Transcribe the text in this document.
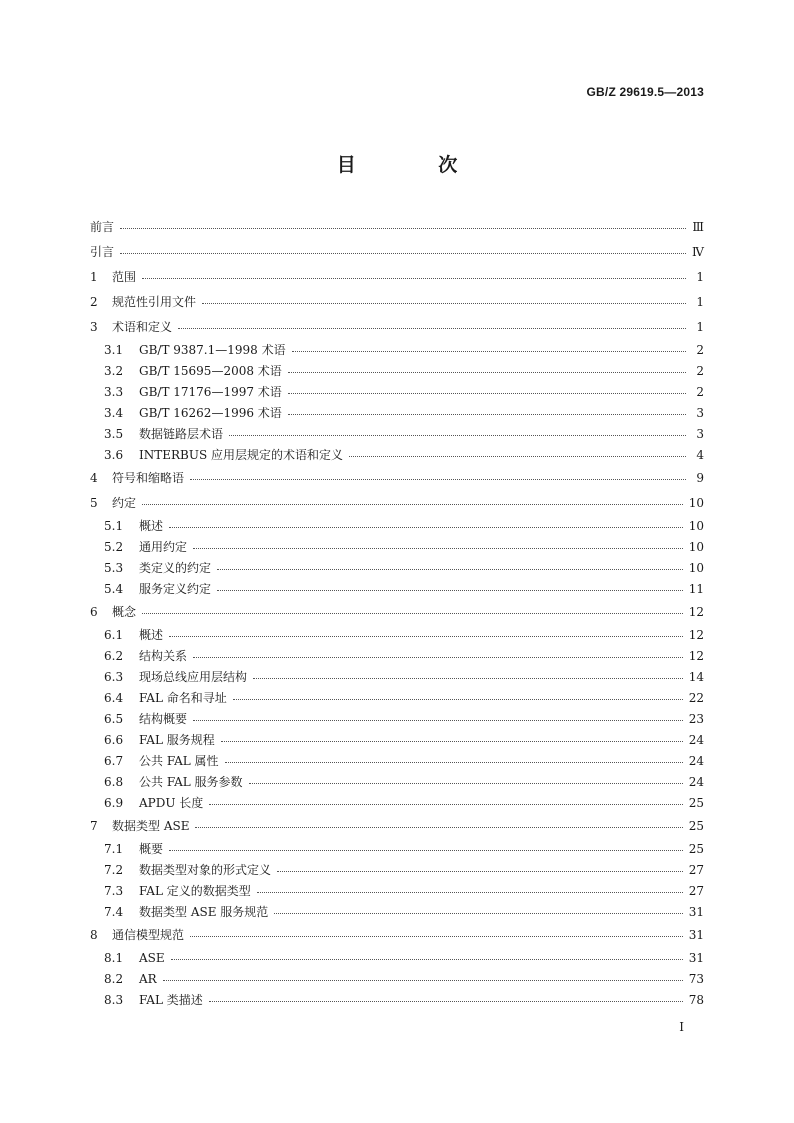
GB/Z 29619.5—2013
目 次
前言	Ⅲ
引言	Ⅳ
1	范围	1
2	规范性引用文件	1
3	术语和定义	1
3.1	GB/T 9387.1—1998 术语	2
3.2	GB/T 15695—2008 术语	2
3.3	GB/T 17176—1997 术语	2
3.4	GB/T 16262—1996 术语	3
3.5	数据链路层术语	3
3.6	INTERBUS 应用层规定的术语和定义	4
4	符号和缩略语	9
5	约定	10
5.1	概述	10
5.2	通用约定	10
5.3	类定义的约定	10
5.4	服务定义约定	11
6	概念	12
6.1	概述	12
6.2	结构关系	12
6.3	现场总线应用层结构	14
6.4	FAL 命名和寻址	22
6.5	结构概要	23
6.6	FAL 服务规程	24
6.7	公共 FAL 属性	24
6.8	公共 FAL 服务参数	24
6.9	APDU 长度	25
7	数据类型 ASE	25
7.1	概要	25
7.2	数据类型对象的形式定义	27
7.3	FAL 定义的数据类型	27
7.4	数据类型 ASE 服务规范	31
8	通信模型规范	31
8.1	ASE	31
8.2	AR	73
8.3	FAL 类描述	78
I
